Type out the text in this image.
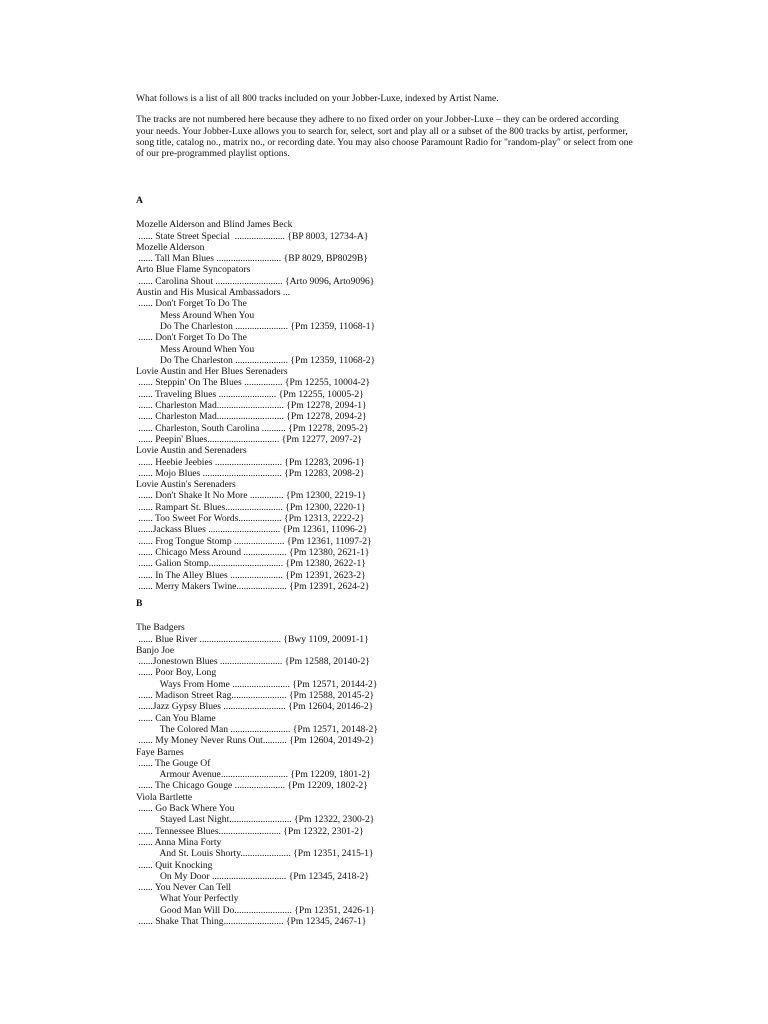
What follows is a list of all 800 tracks included on your Jobber-Luxe, indexed by Artist Name.

The tracks are not numbered here because they adhere to no fixed order on your Jobber-Luxe – they can be ordered according your needs. Your Jobber-Luxe allows you to search for, select, sort and play all or a subset of the 800 tracks by artist, performer, song title, catalog no., matrix no., or recording date. You may also choose Paramount Radio for "random-play" or select from one of our pre-programmed playlist options.

A
Mozelle Alderson and Blind James Beck
...... State Street Special  ..................... {BP 8003, 12734-A}
Mozelle Alderson
...... Tall Man Blues ........................... {BP 8029, BP8029B}
Arto Blue Flame Syncopators
...... Carolina Shout ............................ {Arto 9096, Arto9096}
Austin and His Musical Ambassadors ...
...... Don't Forget To Do The
Mess Around When You
Do The Charleston ...................... {Pm 12359, 11068-1}
...... Don't Forget To Do The
Mess Around When You
Do The Charleston ...................... {Pm 12359, 11068-2}
Lovie Austin and Her Blues Serenaders
...... Steppin' On The Blues ................ {Pm 12255, 10004-2}
...... Traveling Blues ........................ {Pm 12255, 10005-2}
...... Charleston Mad............................ {Pm 12278, 2094-1}
...... Charleston Mad............................ {Pm 12278, 2094-2}
...... Charleston, South Carolina .......... {Pm 12278, 2095-2}
...... Peepin' Blues.............................. {Pm 12277, 2097-2}
Lovie Austin and Serenaders
...... Heebie Jeebies ............................ {Pm 12283, 2096-1}
...... Mojo Blues ................................. {Pm 12283, 2098-2}
Lovie Austin's Serenaders
...... Don't Shake It No More .............. {Pm 12300, 2219-1}
...... Rampart St. Blues........................ {Pm 12300, 2220-1}
...... Too Sweet For Words.................. {Pm 12313, 2222-2}
......Jackass Blues .............................. {Pm 12361, 11096-2}
...... Frog Tongue Stomp ..................... {Pm 12361, 11097-2}
...... Chicago Mess Around .................. {Pm 12380, 2621-1}
...... Galion Stomp............................... {Pm 12380, 2622-1}
...... In The Alley Blues ...................... {Pm 12391, 2623-2}
...... Merry Makers Twine..................... {Pm 12391, 2624-2}
B
The Badgers
...... Blue River .................................. {Bwy 1109, 20091-1}
Banjo Joe
......Jonestown Blues .......................... {Pm 12588, 20140-2}
...... Poor Boy, Long
Ways From Home ........................ {Pm 12571, 20144-2}
...... Madison Street Rag....................... {Pm 12588, 20145-2}
......Jazz Gypsy Blues .......................... {Pm 12604, 20146-2}
...... Can You Blame
The Colored Man ......................... {Pm 12571, 20148-2}
...... My Money Never Runs Out.......... {Pm 12604, 20149-2}
Faye Barnes
...... The Gouge Of
Armour Avenue............................ {Pm 12209, 1801-2}
...... The Chicago Gouge ..................... {Pm 12209, 1802-2}
Viola Bartlette
...... Go Back Where You
Stayed Last Night.......................... {Pm 12322, 2300-2}
...... Tennessee Blues.......................... {Pm 12322, 2301-2}
...... Anna Mina Forty
And St. Louis Shorty..................... {Pm 12351, 2415-1}
...... Quit Knocking
On My Door ............................... {Pm 12345, 2418-2}
...... You Never Can Tell
What Your Perfectly
Good Man Will Do........................ {Pm 12351, 2426-1}
...... Shake That Thing......................... {Pm 12345, 2467-1}
